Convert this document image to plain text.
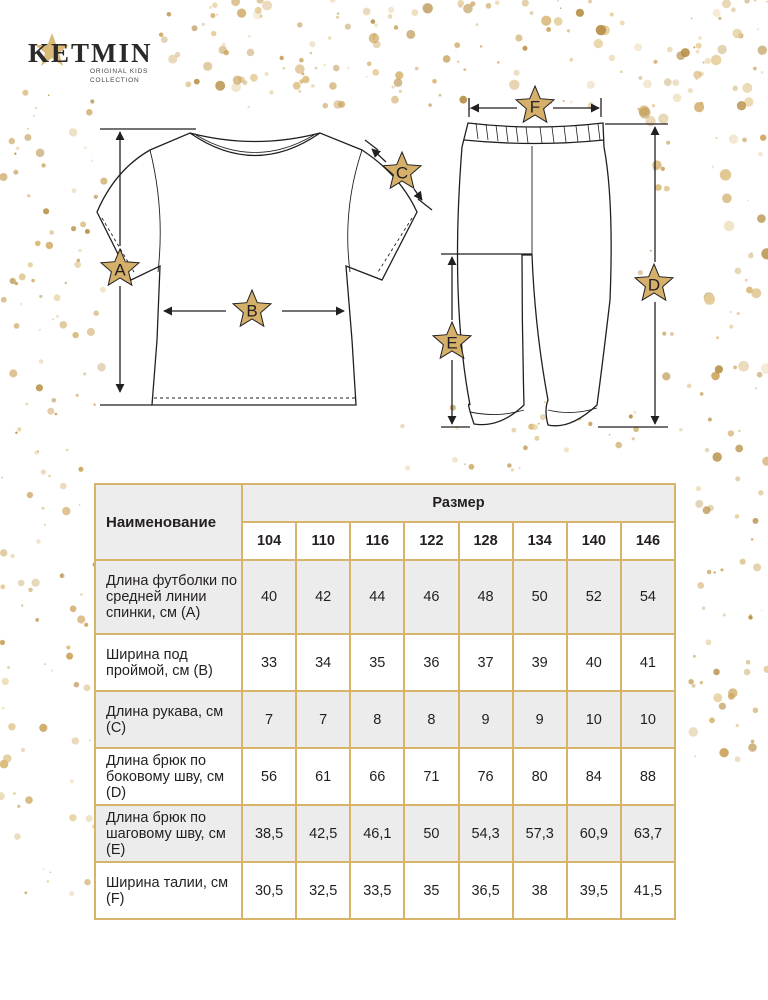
KETMIN
ORIGINAL KIDS
COLLECTION
A
B
C
D
E
F
Наименование	Размер							
	104	110	116	122	128	134	140	146
Длина футболки по средней линии спинки, см (А)	40	42	44	46	48	50	52	54
Ширина под проймой, см (В)	33	34	35	36	37	39	40	41
Длина рукава, см (С)	7	7	8	8	9	9	10	10
Длина брюк по боковому шву, см (D)	56	61	66	71	76	80	84	88
Длина брюк по шаговому шву, см (Е)	38,5	42,5	46,1	50	54,3	57,3	60,9	63,7
Ширина талии, см (F)	30,5	32,5	33,5	35	36,5	38	39,5	41,5
